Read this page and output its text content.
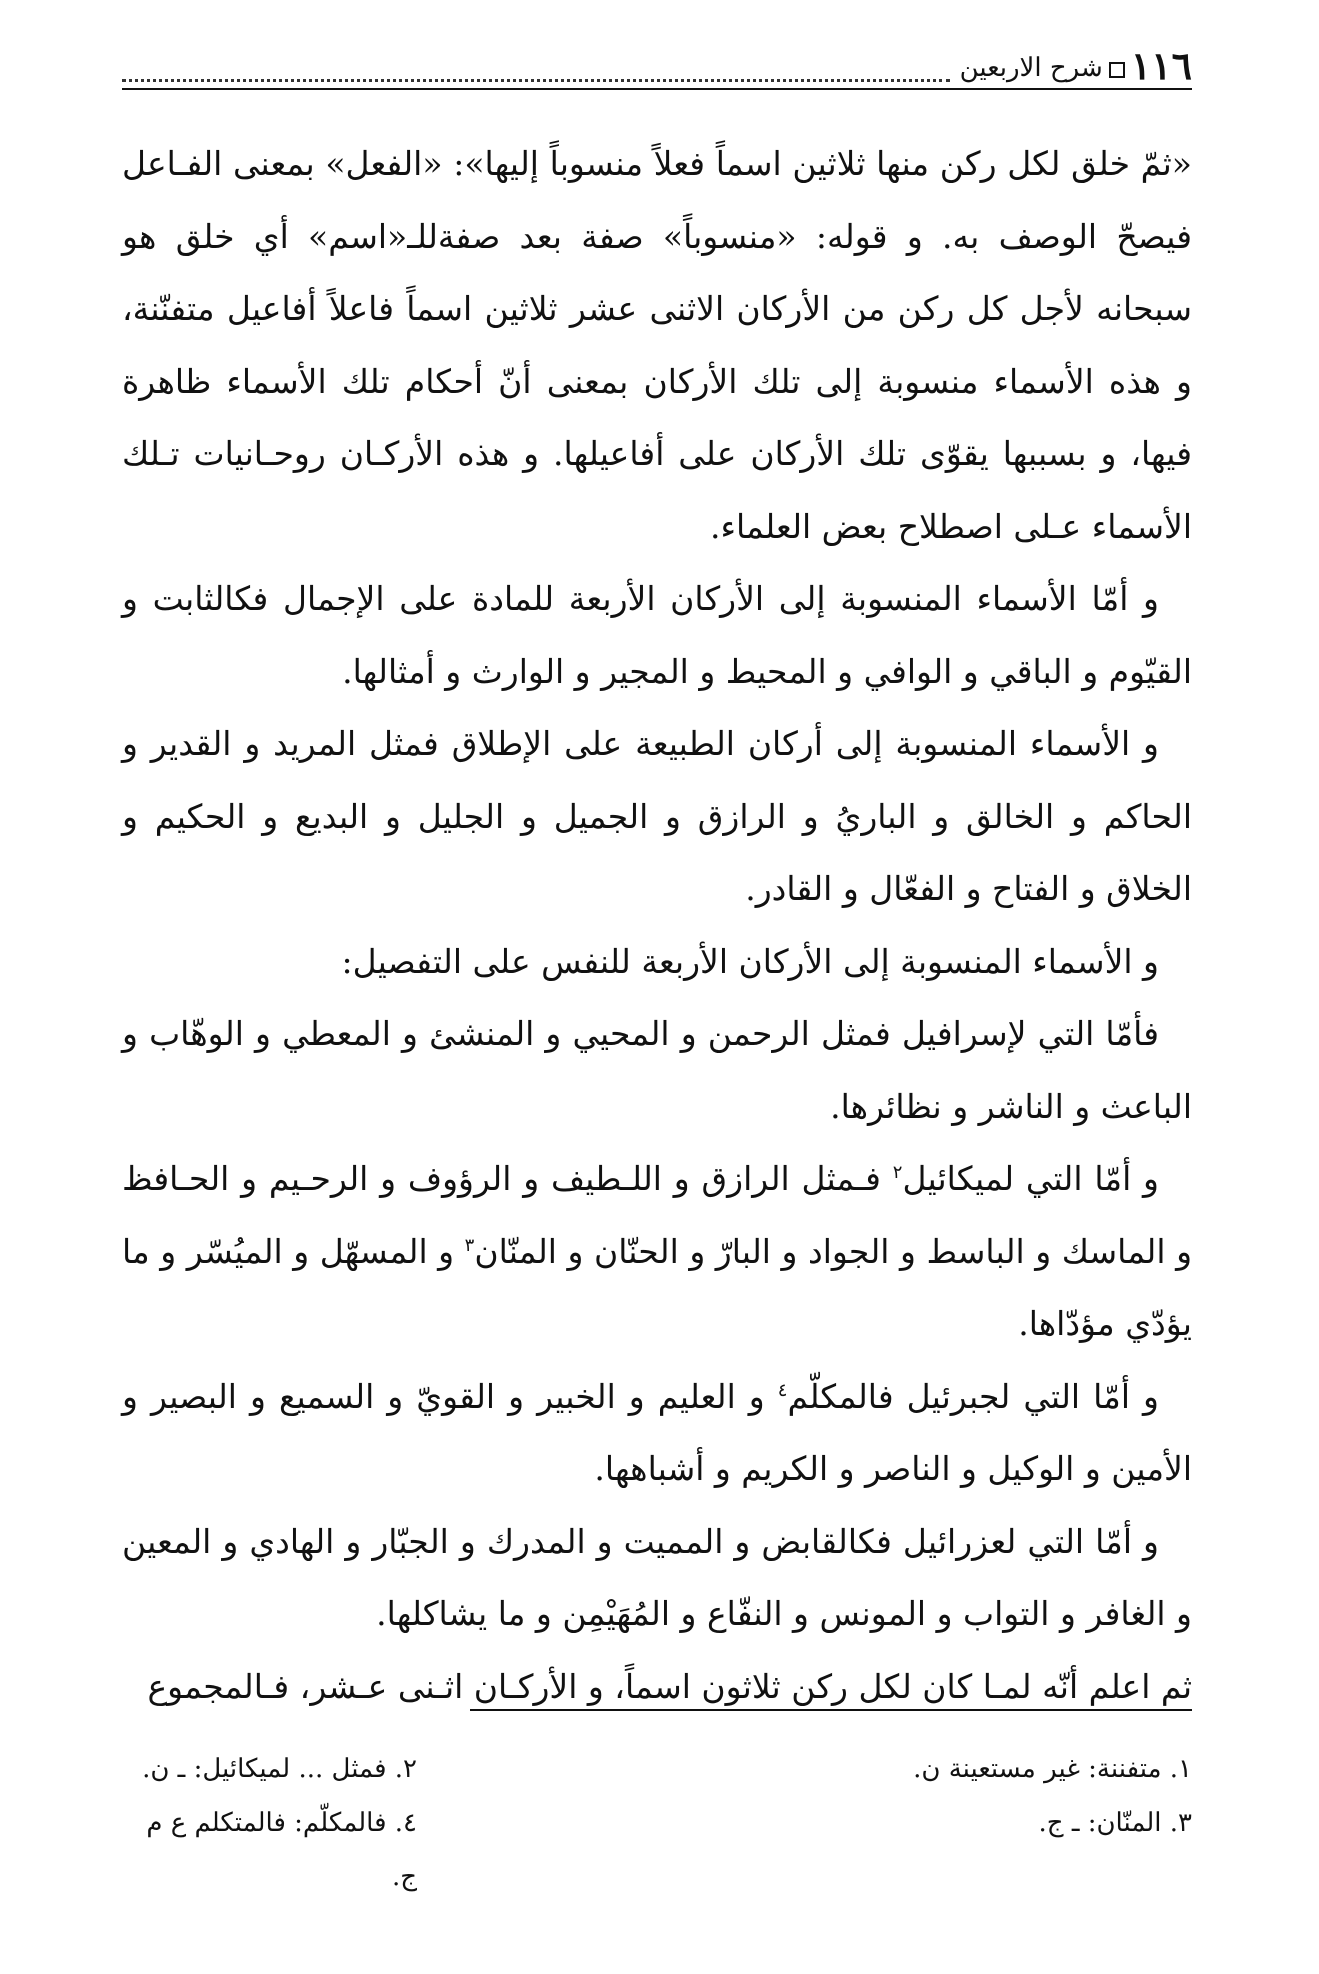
١١٦
شرح الاربعين

«ثمّ خلق لكل ركن منها ثلاثين اسماً فعلاً منسوباً إليها»: «الفعل» بمعنى الفـاعل فيصحّ الوصف به. و قوله: «منسوباً» صفة بعد صفةللـ«اسم» أي خلق هو سبحانه لأجل كل ركن من الأركان الاثنى عشر ثلاثين اسماً فاعلاً أفاعيل متفنّنة، و هذه الأسماء منسوبة إلى تلك الأركان بمعنى أنّ أحكام تلك الأسماء ظاهرة فيها، و بسببها يقوّى تلك الأركان على أفاعيلها. و هذه الأركـان روحـانيات تـلك الأسماء عـلى اصطلاح بعض العلماء.

و أمّا الأسماء المنسوبة إلى الأركان الأربعة للمادة على الإجمال فكالثابت و القيّوم و الباقي و الوافي و المحيط و المجير و الوارث و أمثالها.

و الأسماء المنسوبة إلى أركان الطبيعة على الإطلاق فمثل المريد و القدير و الحاكم و الخالق و الباريُ و الرازق و الجميل و الجليل و البديع و الحكيم و الخلاق و الفتاح و الفعّال و القادر.

و الأسماء المنسوبة إلى الأركان الأربعة للنفس على التفصيل:

فأمّا التي لإسرافيل فمثل الرحمن و المحيي و المنشئ و المعطي و الوهّاب و الباعث و الناشر و نظائرها.

و أمّا التي لميكائيل$^٢$ فـمثل الرازق و اللـطيف و الرؤوف و الرحـيم و الحـافظ و الماسك و الباسط و الجواد و البارّ و الحنّان و المنّان$^٣$ و المسهّل و الميُسّر و ما يؤدّي مؤدّاها.

و أمّا التي لجبرئيل فالمكلّم$^٤$ و العليم و الخبير و القويّ و السميع و البصير و الأمين و الوكيل و الناصر و الكريم و أشباهها.

و أمّا التي لعزرائيل فكالقابض و المميت و المدرك و الجبّار و الهادي و المعين و الغافر و التواب و المونس و النفّاع و المُهَيْمِن و ما يشاكلها.

ثم اعلم أنّه لمـا كان لكل ركن ثلاثون اسماً، و الأركـان اثـنى عـشر، فـالمجموع

١. متفننة: غير مستعينة ن.
٢. فمثل ... لميكائيل: ـ ن.
٣. المنّان: ـ ج.
٤. فالمكلّم: فالمتكلم ع م ج.
